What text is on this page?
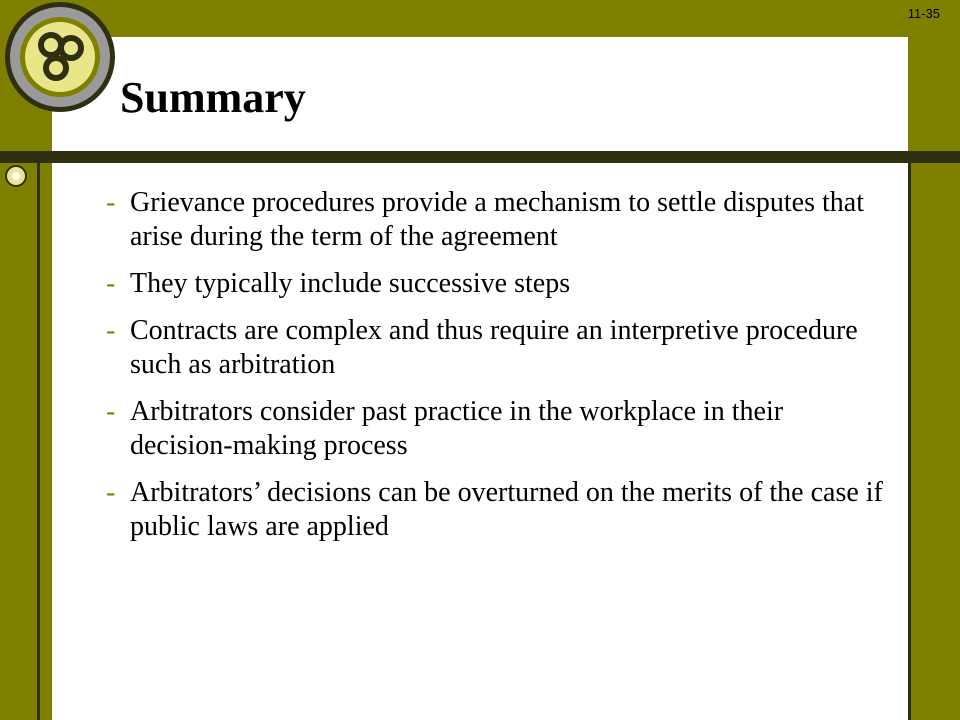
11-35
Summary
- Grievance procedures provide a mechanism to settle disputes that arise during the term of the agreement
- They typically include successive steps
- Contracts are complex and thus require an interpretive procedure such as arbitration
- Arbitrators consider past practice in the workplace in their decision-making process
- Arbitrators’ decisions can be overturned on the merits of the case if public laws are applied
